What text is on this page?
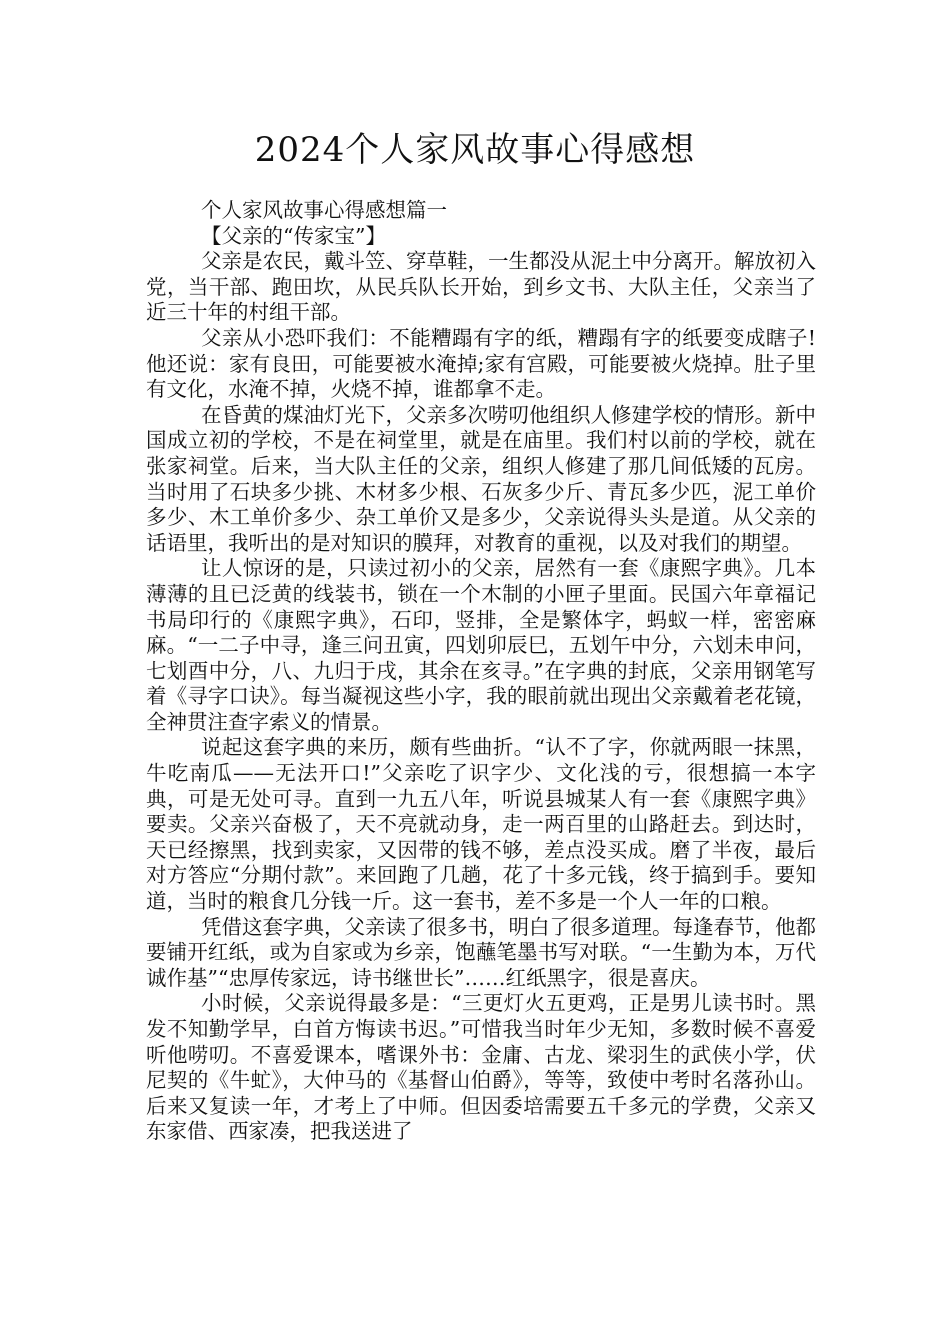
2024个人家风故事心得感想

个人家风故事心得感想篇一

【父亲的“传家宝”】

父亲是农民，戴斗笠、穿草鞋，一生都没从泥土中分离开。解放初入党，当干部、跑田坎，从民兵队长开始，到乡文书、大队主任，父亲当了近三十年的村组干部。

父亲从小恐吓我们：不能糟蹋有字的纸，糟蹋有字的纸要变成瞎子!他还说：家有良田，可能要被水淹掉;家有宫殿，可能要被火烧掉。肚子里有文化，水淹不掉，火烧不掉，谁都拿不走。

在昏黄的煤油灯光下，父亲多次唠叨他组织人修建学校的情形。新中国成立初的学校，不是在祠堂里，就是在庙里。我们村以前的学校，就在张家祠堂。后来，当大队主任的父亲，组织人修建了那几间低矮的瓦房。当时用了石块多少挑、木材多少根、石灰多少斤、青瓦多少匹，泥工单价多少、木工单价多少、杂工单价又是多少，父亲说得头头是道。从父亲的话语里，我听出的是对知识的膜拜，对教育的重视，以及对我们的期望。

让人惊讶的是，只读过初小的父亲，居然有一套《康熙字典》。几本薄薄的且已泛黄的线装书，锁在一个木制的小匣子里面。民国六年章福记书局印行的《康熙字典》，石印，竖排，全是繁体字，蚂蚁一样，密密麻麻。“一二子中寻，逢三问丑寅，四划卯辰巳，五划午中分，六划未申问，七划酉中分，八、九归于戌，其余在亥寻。”在字典的封底，父亲用钢笔写着《寻字口诀》。每当凝视这些小字，我的眼前就出现出父亲戴着老花镜，全神贯注查字索义的情景。

说起这套字典的来历，颇有些曲折。“认不了字，你就两眼一抹黑，牛吃南瓜——无法开口!”父亲吃了识字少、文化浅的亏，很想搞一本字典，可是无处可寻。直到一九五八年，听说县城某人有一套《康熙字典》要卖。父亲兴奋极了，天不亮就动身，走一两百里的山路赶去。到达时，天已经擦黑，找到卖家，又因带的钱不够，差点没买成。磨了半夜，最后对方答应“分期付款”。来回跑了几趟，花了十多元钱，终于搞到手。要知道，当时的粮食几分钱一斤。这一套书，差不多是一个人一年的口粮。

凭借这套字典，父亲读了很多书，明白了很多道理。每逢春节，他都要铺开红纸，或为自家或为乡亲，饱蘸笔墨书写对联。“一生勤为本，万代诚作基”“忠厚传家远，诗书继世长”……红纸黑字，很是喜庆。

小时候，父亲说得最多是：“三更灯火五更鸡，正是男儿读书时。黑发不知勤学早，白首方悔读书迟。”可惜我当时年少无知，多数时候不喜爱听他唠叨。不喜爱课本，嗜课外书：金庸、古龙、梁羽生的武侠小学，伏尼契的《牛虻》，大仲马的《基督山伯爵》，等等，致使中考时名落孙山。后来又复读一年，才考上了中师。但因委培需要五千多元的学费，父亲又东家借、西家凑，把我送进了
